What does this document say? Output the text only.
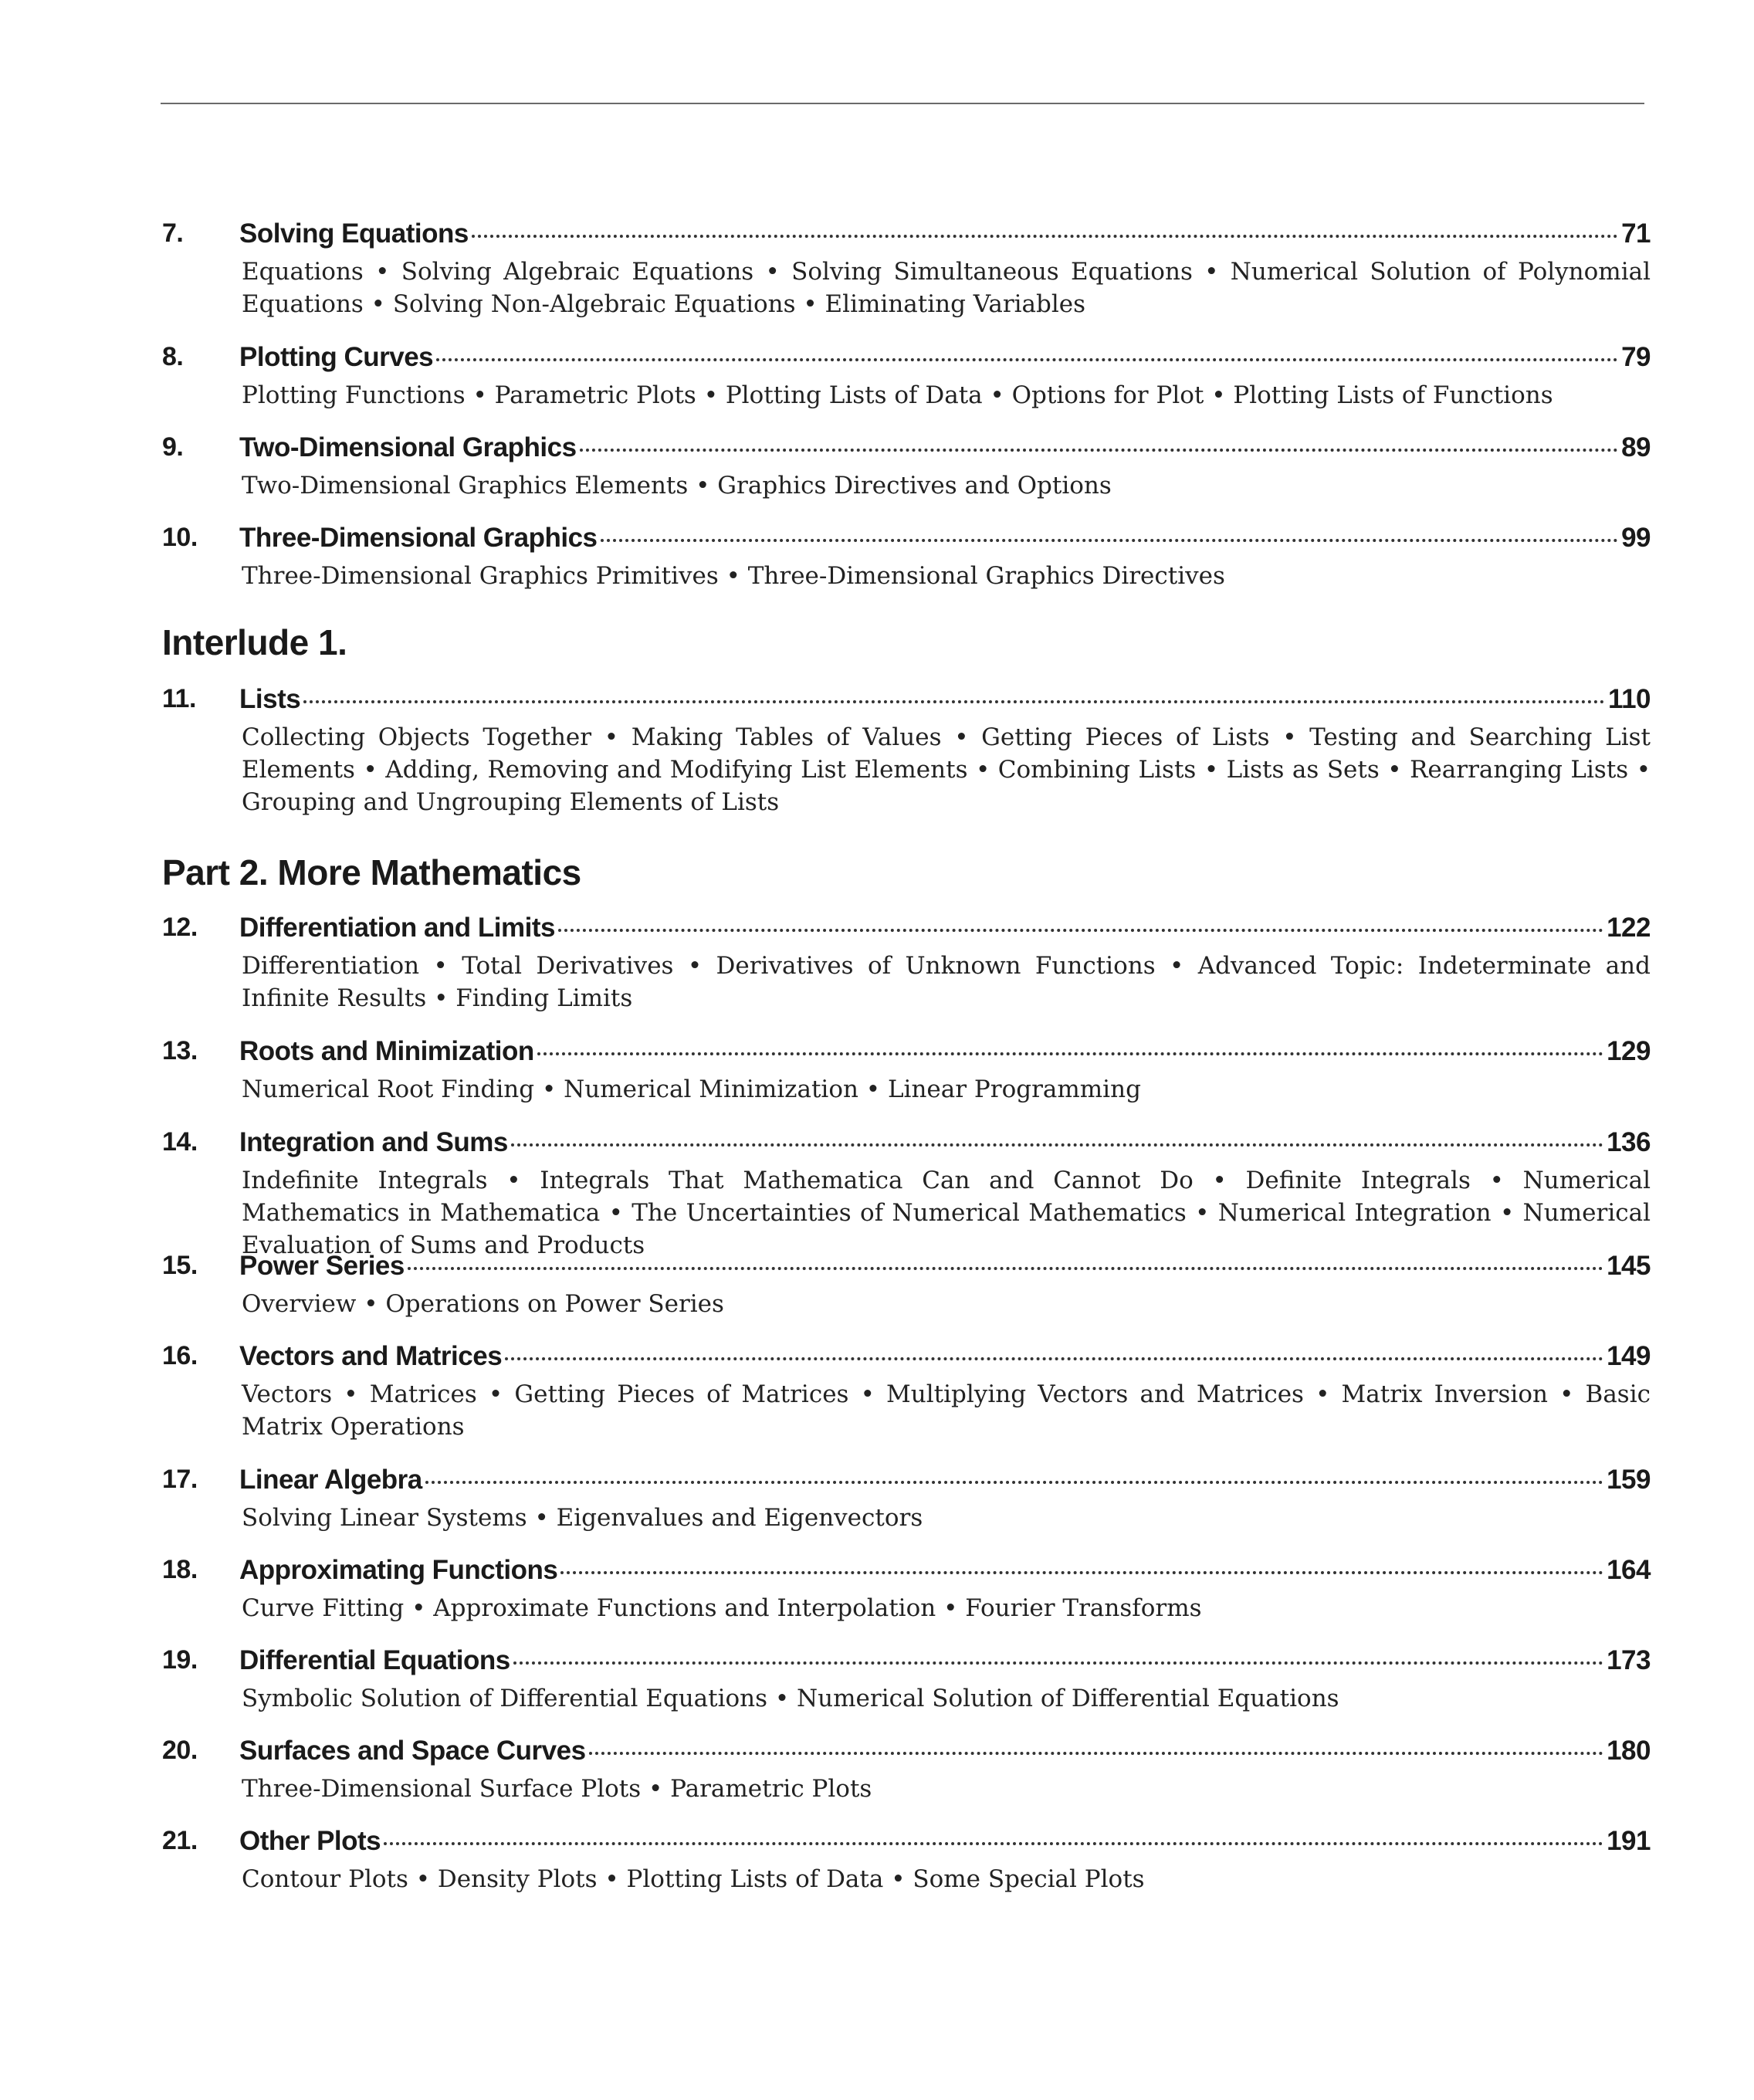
7. Solving Equations	71
Equations • Solving Algebraic Equations • Solving Simultaneous Equations • Numerical Solution of Polynomial Equations • Solving Non-Algebraic Equations • Eliminating Variables
8. Plotting Curves	79
Plotting Functions • Parametric Plots • Plotting Lists of Data • Options for Plot • Plotting Lists of Functions
9. Two-Dimensional Graphics	89
Two-Dimensional Graphics Elements • Graphics Directives and Options
10. Three-Dimensional Graphics	99
Three-Dimensional Graphics Primitives • Three-Dimensional Graphics Directives
Interlude 1.
11. Lists	110
Collecting Objects Together • Making Tables of Values • Getting Pieces of Lists • Testing and Searching List Elements • Adding, Removing and Modifying List Elements • Combining Lists • Lists as Sets • Rearranging Lists • Grouping and Ungrouping Elements of Lists
Part 2. More Mathematics
12. Differentiation and Limits	122
Differentiation • Total Derivatives • Derivatives of Unknown Functions • Advanced Topic: Indeterminate and Infinite Results • Finding Limits
13. Roots and Minimization	129
Numerical Root Finding • Numerical Minimization • Linear Programming
14. Integration and Sums	136
Indefinite Integrals • Integrals That Mathematica Can and Cannot Do • Definite Integrals • Numerical Mathematics in Mathematica • The Uncertainties of Numerical Mathematics • Numerical Integration • Numerical Evaluation of Sums and Products
15. Power Series	145
Overview • Operations on Power Series
16. Vectors and Matrices	149
Vectors • Matrices • Getting Pieces of Matrices • Multiplying Vectors and Matrices • Matrix Inversion • Basic Matrix Operations
17. Linear Algebra	159
Solving Linear Systems • Eigenvalues and Eigenvectors
18. Approximating Functions	164
Curve Fitting • Approximate Functions and Interpolation • Fourier Transforms
19. Differential Equations	173
Symbolic Solution of Differential Equations • Numerical Solution of Differential Equations
20. Surfaces and Space Curves	180
Three-Dimensional Surface Plots • Parametric Plots
21. Other Plots	191
Contour Plots • Density Plots • Plotting Lists of Data • Some Special Plots
